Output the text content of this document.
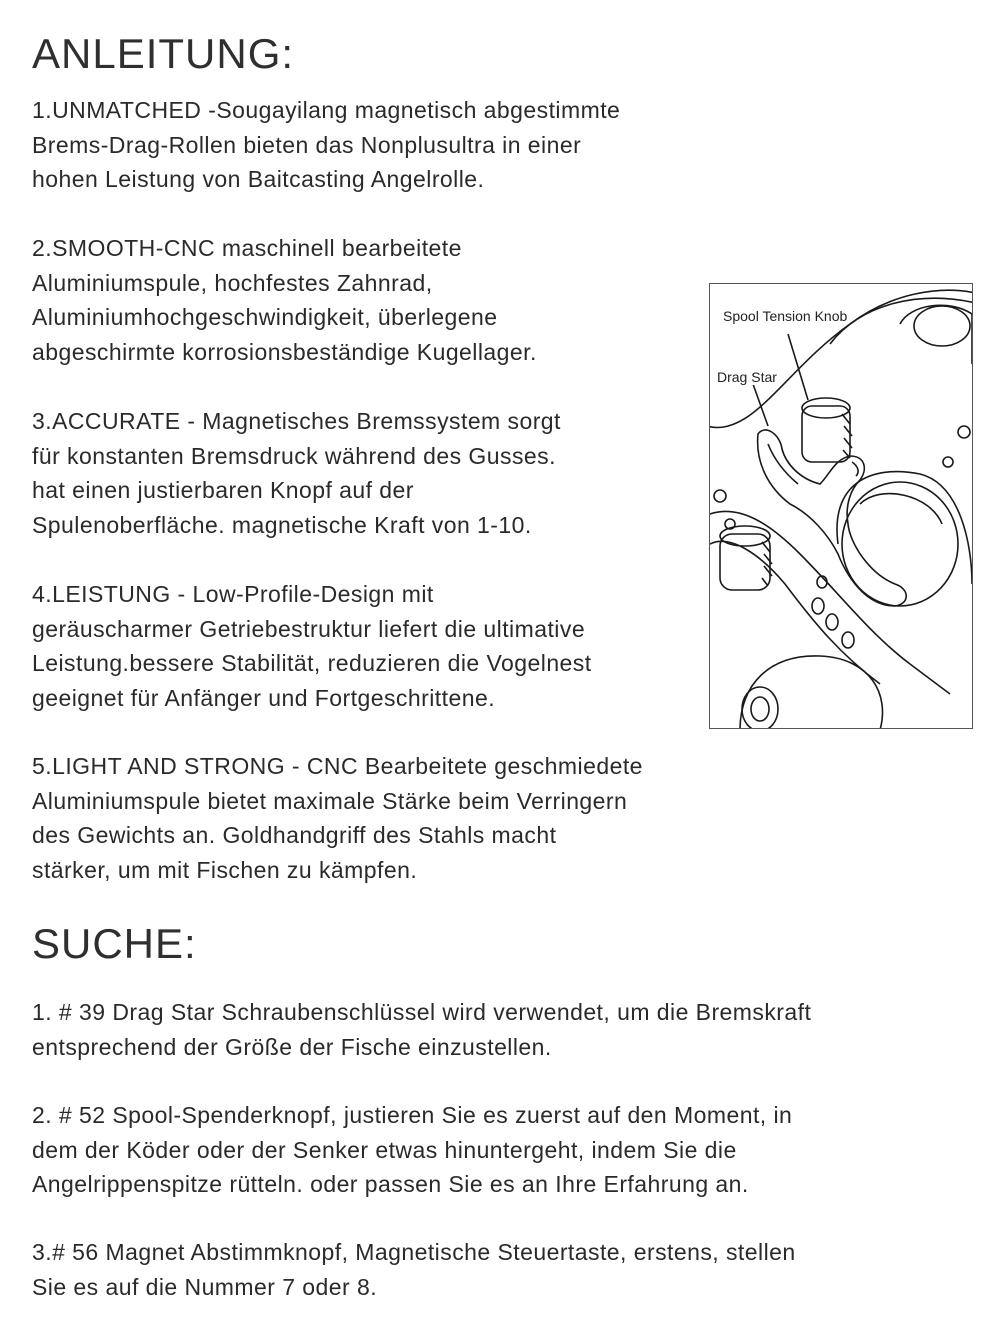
ANLEITUNG:
1.UNMATCHED -Sougayilang magnetisch abgestimmte
Brems-Drag-Rollen bieten das Nonplusultra in einer
hohen Leistung von Baitcasting Angelrolle.
2.SMOOTH-CNC maschinell bearbeitete
Aluminiumspule, hochfestes Zahnrad,
Aluminiumhochgeschwindigkeit, überlegene
abgeschirmte korrosionsbeständige Kugellager.
3.ACCURATE - Magnetisches Bremssystem sorgt
für konstanten Bremsdruck während des Gusses.
hat einen justierbaren Knopf auf der
Spulenoberfläche. magnetische Kraft von 1-10.
4.LEISTUNG - Low-Profile-Design mit
geräuscharmer Getriebestruktur liefert die ultimative
Leistung.bessere Stabilität, reduzieren die Vogelnest
geeignet für Anfänger und Fortgeschrittene.
5.LIGHT AND STRONG - CNC Bearbeitete geschmiedete
Aluminiumspule bietet maximale Stärke beim Verringern
des Gewichts an. Goldhandgriff des Stahls macht
stärker, um mit Fischen zu kämpfen.
Spool Tension Knob
Drag Star
SUCHE:
1. # 39 Drag Star Schraubenschlüssel wird verwendet, um die Bremskraft
entsprechend der Größe der Fische einzustellen.
2. # 52 Spool-Spenderknopf, justieren Sie es zuerst auf den Moment, in
dem der Köder oder der Senker etwas hinuntergeht, indem Sie die
Angelrippenspitze rütteln. oder passen Sie es an Ihre Erfahrung an.
3.# 56 Magnet Abstimmknopf, Magnetische Steuertaste, erstens, stellen
Sie es auf die Nummer 7 oder 8.
